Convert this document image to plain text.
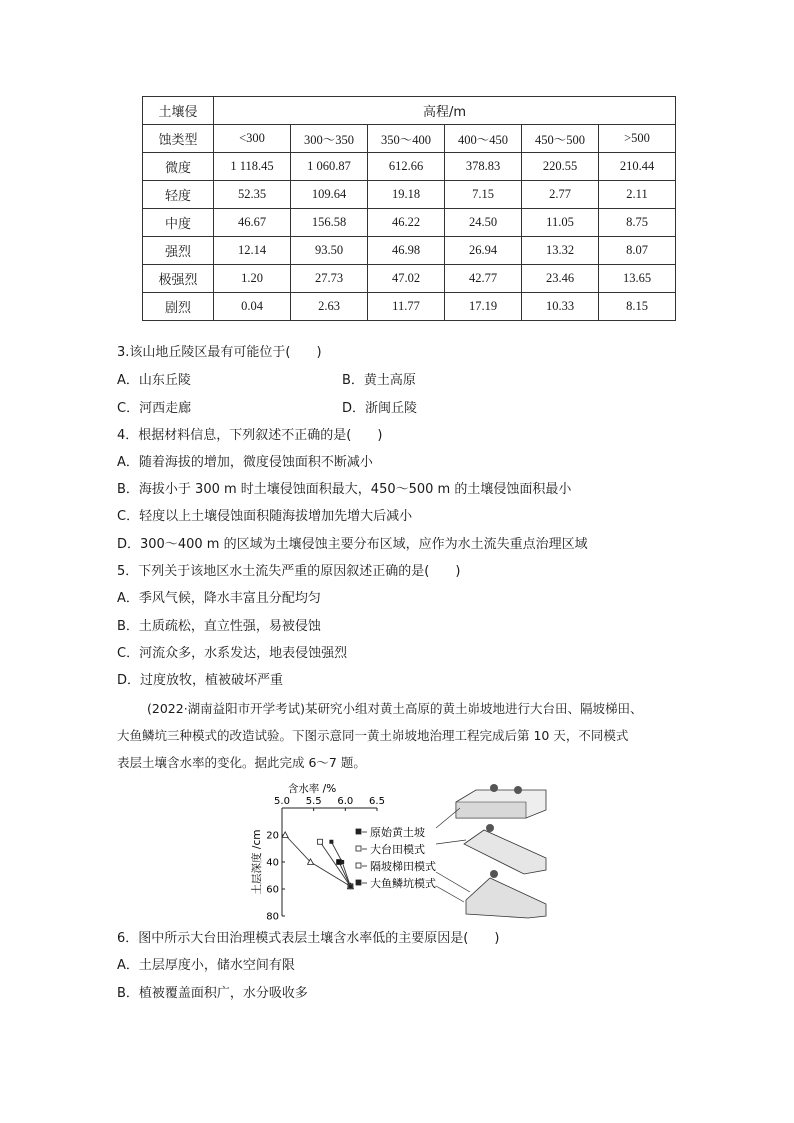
土壤侵	高程/m					
蚀类型	<300	300～350	350～400	400～450	450～500	>500
微度	1 118.45	1 060.87	612.66	378.83	220.55	210.44
轻度	52.35	109.64	19.18	7.15	2.77	2.11
中度	46.67	156.58	46.22	24.50	11.05	8.75
强烈	12.14	93.50	46.98	26.94	13.32	8.07
极强烈	1.20	27.73	47.02	42.77	23.46	13.65
剧烈	0.04	2.63	11.77	17.19	10.33	8.15
3.该山地丘陵区最有可能位于(　　)
A．山东丘陵	B．黄土高原
C．河西走廊	D．浙闽丘陵
4．根据材料信息，下列叙述不正确的是(　　)
A．随着海拔的增加，微度侵蚀面积不断减小
B．海拔小于 300 m 时土壤侵蚀面积最大，450～500 m 的土壤侵蚀面积最小
C．轻度以上土壤侵蚀面积随海拔增加先增大后减小
D．300～400 m 的区域为土壤侵蚀主要分布区域，应作为水土流失重点治理区域
5．下列关于该地区水土流失严重的原因叙述正确的是(　　)
A．季风气候，降水丰富且分配均匀
B．土质疏松，直立性强，易被侵蚀
C．河流众多，水系发达，地表侵蚀强烈
D．过度放牧，植被破坏严重
(2022·湖南益阳市开学考试)某研究小组对黄土高原的黄土峁坡地进行大台田、隔坡梯田、
大鱼鳞坑三种模式的改造试验。下图示意同一黄土峁坡地治理工程完成后第 10 天，不同模式
表层土壤含水率的变化。据此完成 6～7 题。
含水率 /%
土层深度 /cm
5.0 5.5 6.0 6.5
20
40
60
80
原始黄土坡
大台田模式
隔坡梯田模式
大鱼鳞坑模式
6．图中所示大台田治理模式表层土壤含水率低的主要原因是(　　)
A．土层厚度小，储水空间有限
B．植被覆盖面积广，水分吸收多
